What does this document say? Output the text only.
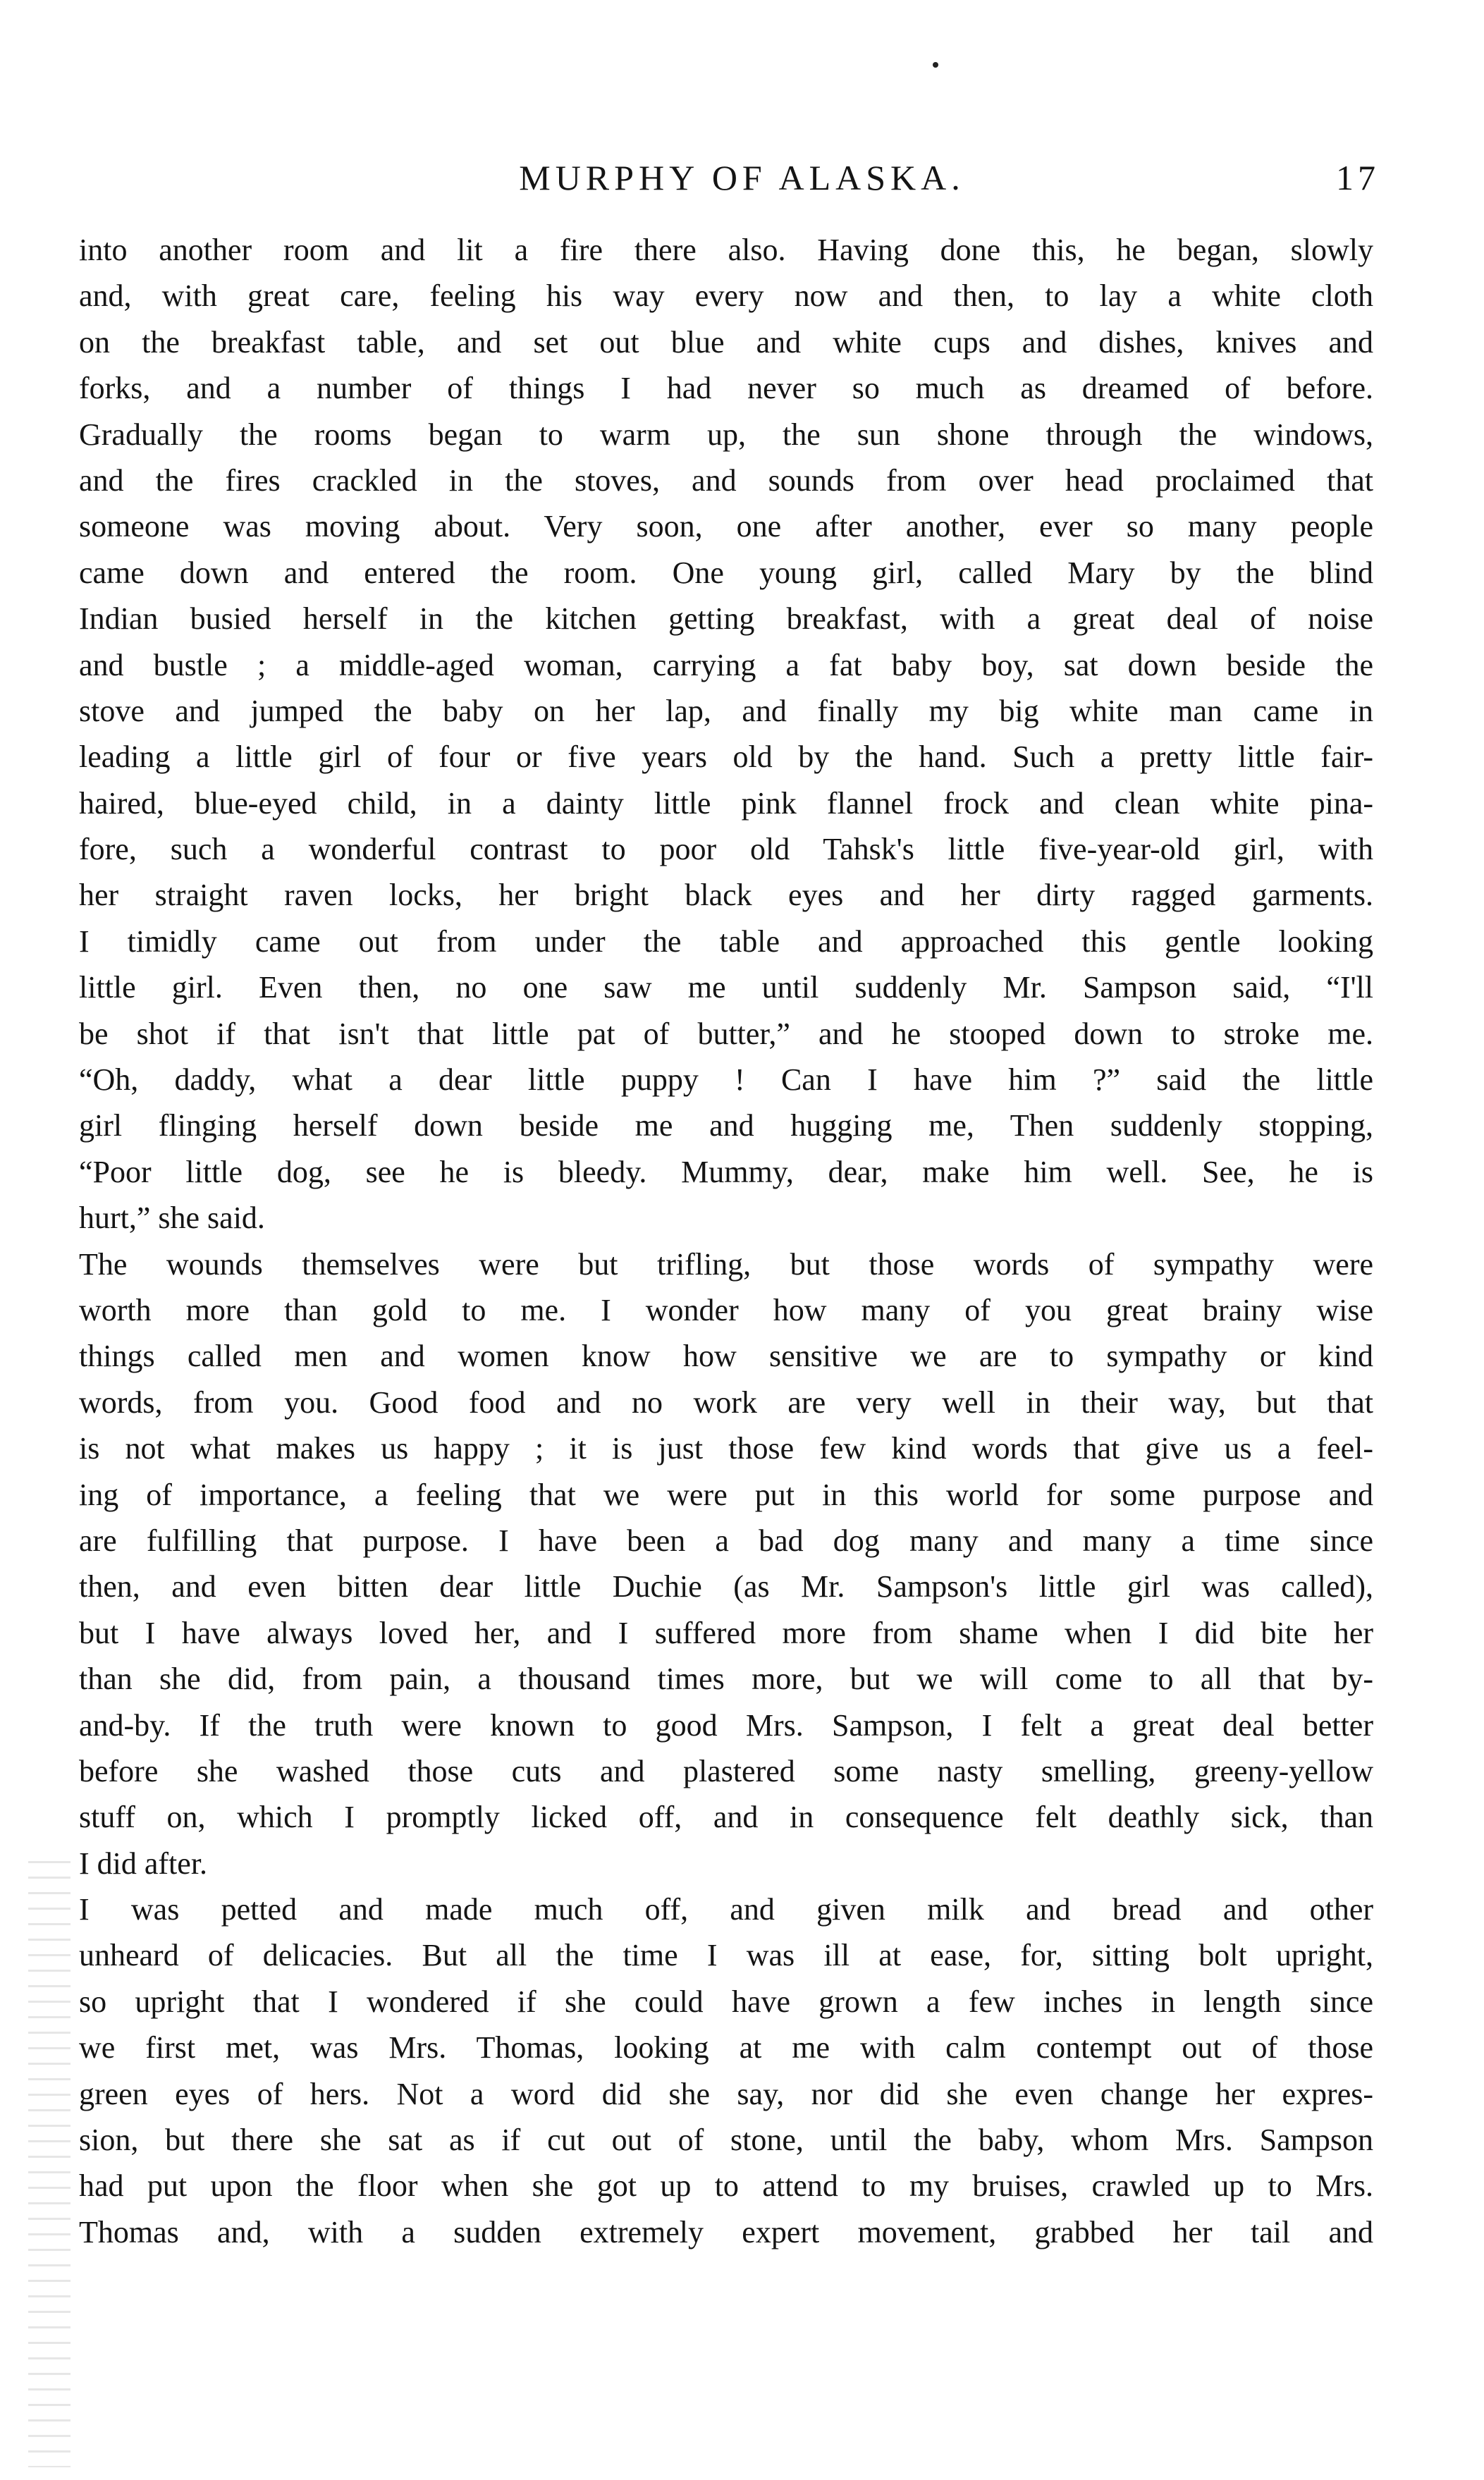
MURPHY OF ALASKA.	17
into another room and lit a fire there also. Having done this, he began, slowly
and, with great care, feeling his way every now and then, to lay a white cloth
on the breakfast table, and set out blue and white cups and dishes, knives and
forks, and a number of things I had never so much as dreamed of before.
Gradually the rooms began to warm up, the sun shone through the windows,
and the fires crackled in the stoves, and sounds from over head proclaimed that
someone was moving about. Very soon, one after another, ever so many people
came down and entered the room. One young girl, called Mary by the blind
Indian busied herself in the kitchen getting breakfast, with a great deal of noise
and bustle ; a middle-aged woman, carrying a fat baby boy, sat down beside the
stove and jumped the baby on her lap, and finally my big white man came in
leading a little girl of four or five years old by the hand. Such a pretty little fair-
haired, blue-eyed child, in a dainty little pink flannel frock and clean white pina-
fore, such a wonderful contrast to poor old Tahsk's little five-year-old girl, with
her straight raven locks, her bright black eyes and her dirty ragged garments.
I timidly came out from under the table and approached this gentle looking
little girl. Even then, no one saw me until suddenly Mr. Sampson said, “I'll
be shot if that isn't that little pat of butter,” and he stooped down to stroke me.
“Oh, daddy, what a dear little puppy ! Can I have him ?” said the little
girl flinging herself down beside me and hugging me, Then suddenly stopping,
“Poor little dog, see he is bleedy. Mummy, dear, make him well. See, he is
hurt,” she said.
The wounds themselves were but trifling, but those words of sympathy were
worth more than gold to me. I wonder how many of you great brainy wise
things called men and women know how sensitive we are to sympathy or kind
words, from you. Good food and no work are very well in their way, but that
is not what makes us happy ; it is just those few kind words that give us a feel-
ing of importance, a feeling that we were put in this world for some purpose and
are fulfilling that purpose. I have been a bad dog many and many a time since
then, and even bitten dear little Duchie (as Mr. Sampson's little girl was called),
but I have always loved her, and I suffered more from shame when I did bite her
than she did, from pain, a thousand times more, but we will come to all that by-
and-by. If the truth were known to good Mrs. Sampson, I felt a great deal better
before she washed those cuts and plastered some nasty smelling, greeny-yellow
stuff on, which I promptly licked off, and in consequence felt deathly sick, than
I did after.
I was petted and made much off, and given milk and bread and other
unheard of delicacies. But all the time I was ill at ease, for, sitting bolt upright,
so upright that I wondered if she could have grown a few inches in length since
we first met, was Mrs. Thomas, looking at me with calm contempt out of those
green eyes of hers. Not a word did she say, nor did she even change her expres-
sion, but there she sat as if cut out of stone, until the baby, whom Mrs. Sampson
had put upon the floor when she got up to attend to my bruises, crawled up to Mrs.
Thomas and, with a sudden extremely expert movement, grabbed her tail and
